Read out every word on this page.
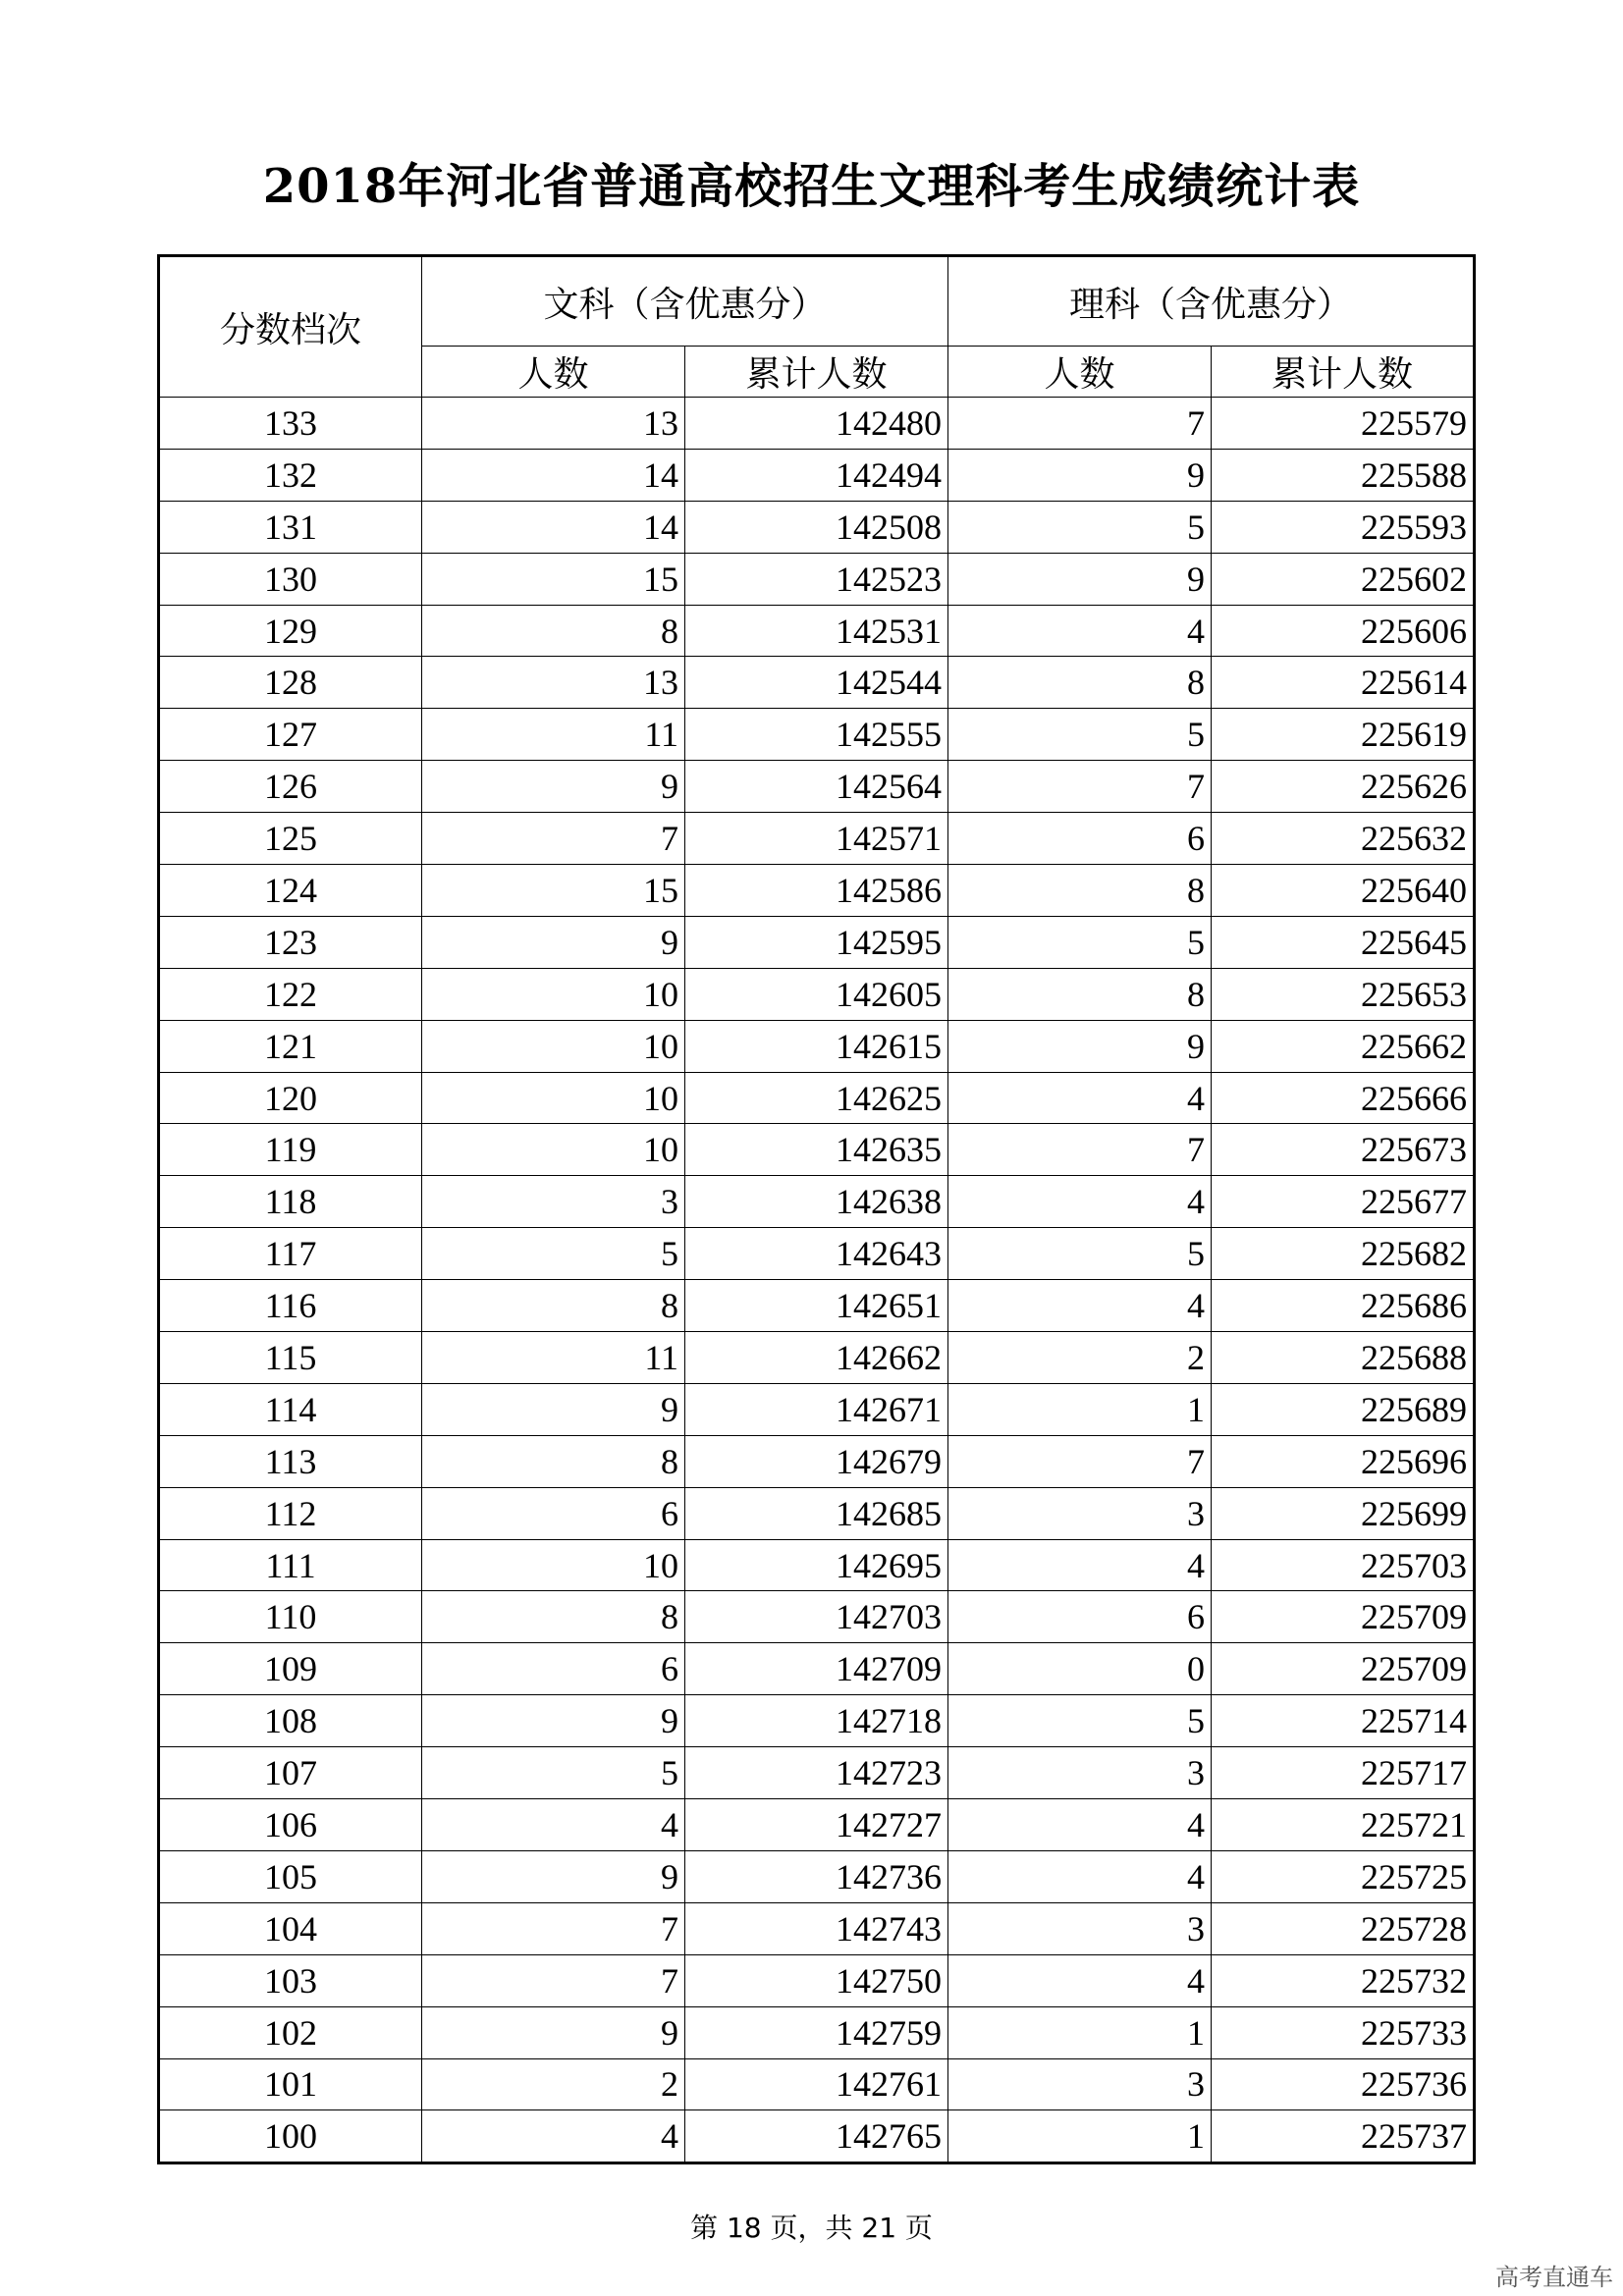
2018年河北省普通高校招生文理科考生成绩统计表
分数档次	文科（含优惠分）		理科（含优惠分）	
	人数	累计人数	人数	累计人数
133	13	142480	7	225579
132	14	142494	9	225588
131	14	142508	5	225593
130	15	142523	9	225602
129	8	142531	4	225606
128	13	142544	8	225614
127	11	142555	5	225619
126	9	142564	7	225626
125	7	142571	6	225632
124	15	142586	8	225640
123	9	142595	5	225645
122	10	142605	8	225653
121	10	142615	9	225662
120	10	142625	4	225666
119	10	142635	7	225673
118	3	142638	4	225677
117	5	142643	5	225682
116	8	142651	4	225686
115	11	142662	2	225688
114	9	142671	1	225689
113	8	142679	7	225696
112	6	142685	3	225699
111	10	142695	4	225703
110	8	142703	6	225709
109	6	142709	0	225709
108	9	142718	5	225714
107	5	142723	3	225717
106	4	142727	4	225721
105	9	142736	4	225725
104	7	142743	3	225728
103	7	142750	4	225732
102	9	142759	1	225733
101	2	142761	3	225736
100	4	142765	1	225737
第 18 页，共 21 页
高考直通车
